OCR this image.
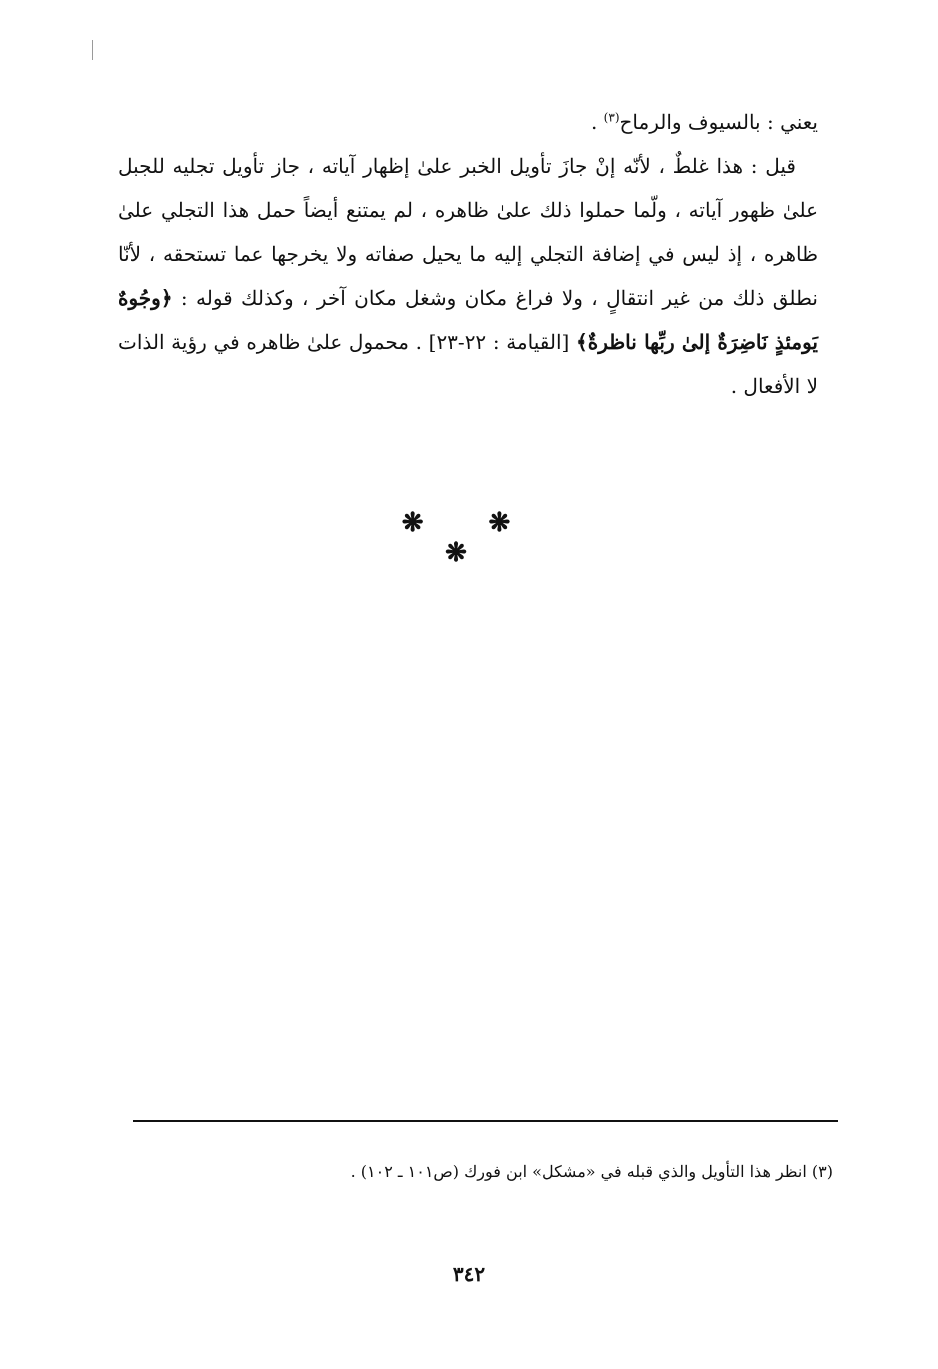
يعني : بالسيوف والرماح$^{(٣)}$ .

قيل : هذا غلطٌ ، لأنّه إنْ جازَ تأويل الخبر علىٰ إظهار آياته ، جاز تأويل تجليه للجبل علىٰ ظهور آياته ، ولّما حملوا ذلك علىٰ ظاهره ، لم يمتنع أيضاً حمل هذا التجلي علىٰ ظاهره ، إذ ليس في إضافة التجلي إليه ما يحيل صفاته ولا يخرجها عما تستحقه ، لأنّا نطلق ذلك من غير انتقالٍ ، ولا فراغ مكان وشغل مكان آخر ، وكذلك قوله : ﴿وجُوهٌ يَومئذٍ نَاضِرَةٌ إلىٰ ربِّها ناظرةٌ﴾ [القيامة : ٢٢-٢٣] . محمول علىٰ ظاهره في رؤية الذات لا الأفعال .

❋ ❋ ❋
(٣) انظر هذا التأويل والذي قبله في «مشكل» ابن فورك (ص١٠١ ـ ١٠٢) .
٣٤٢
